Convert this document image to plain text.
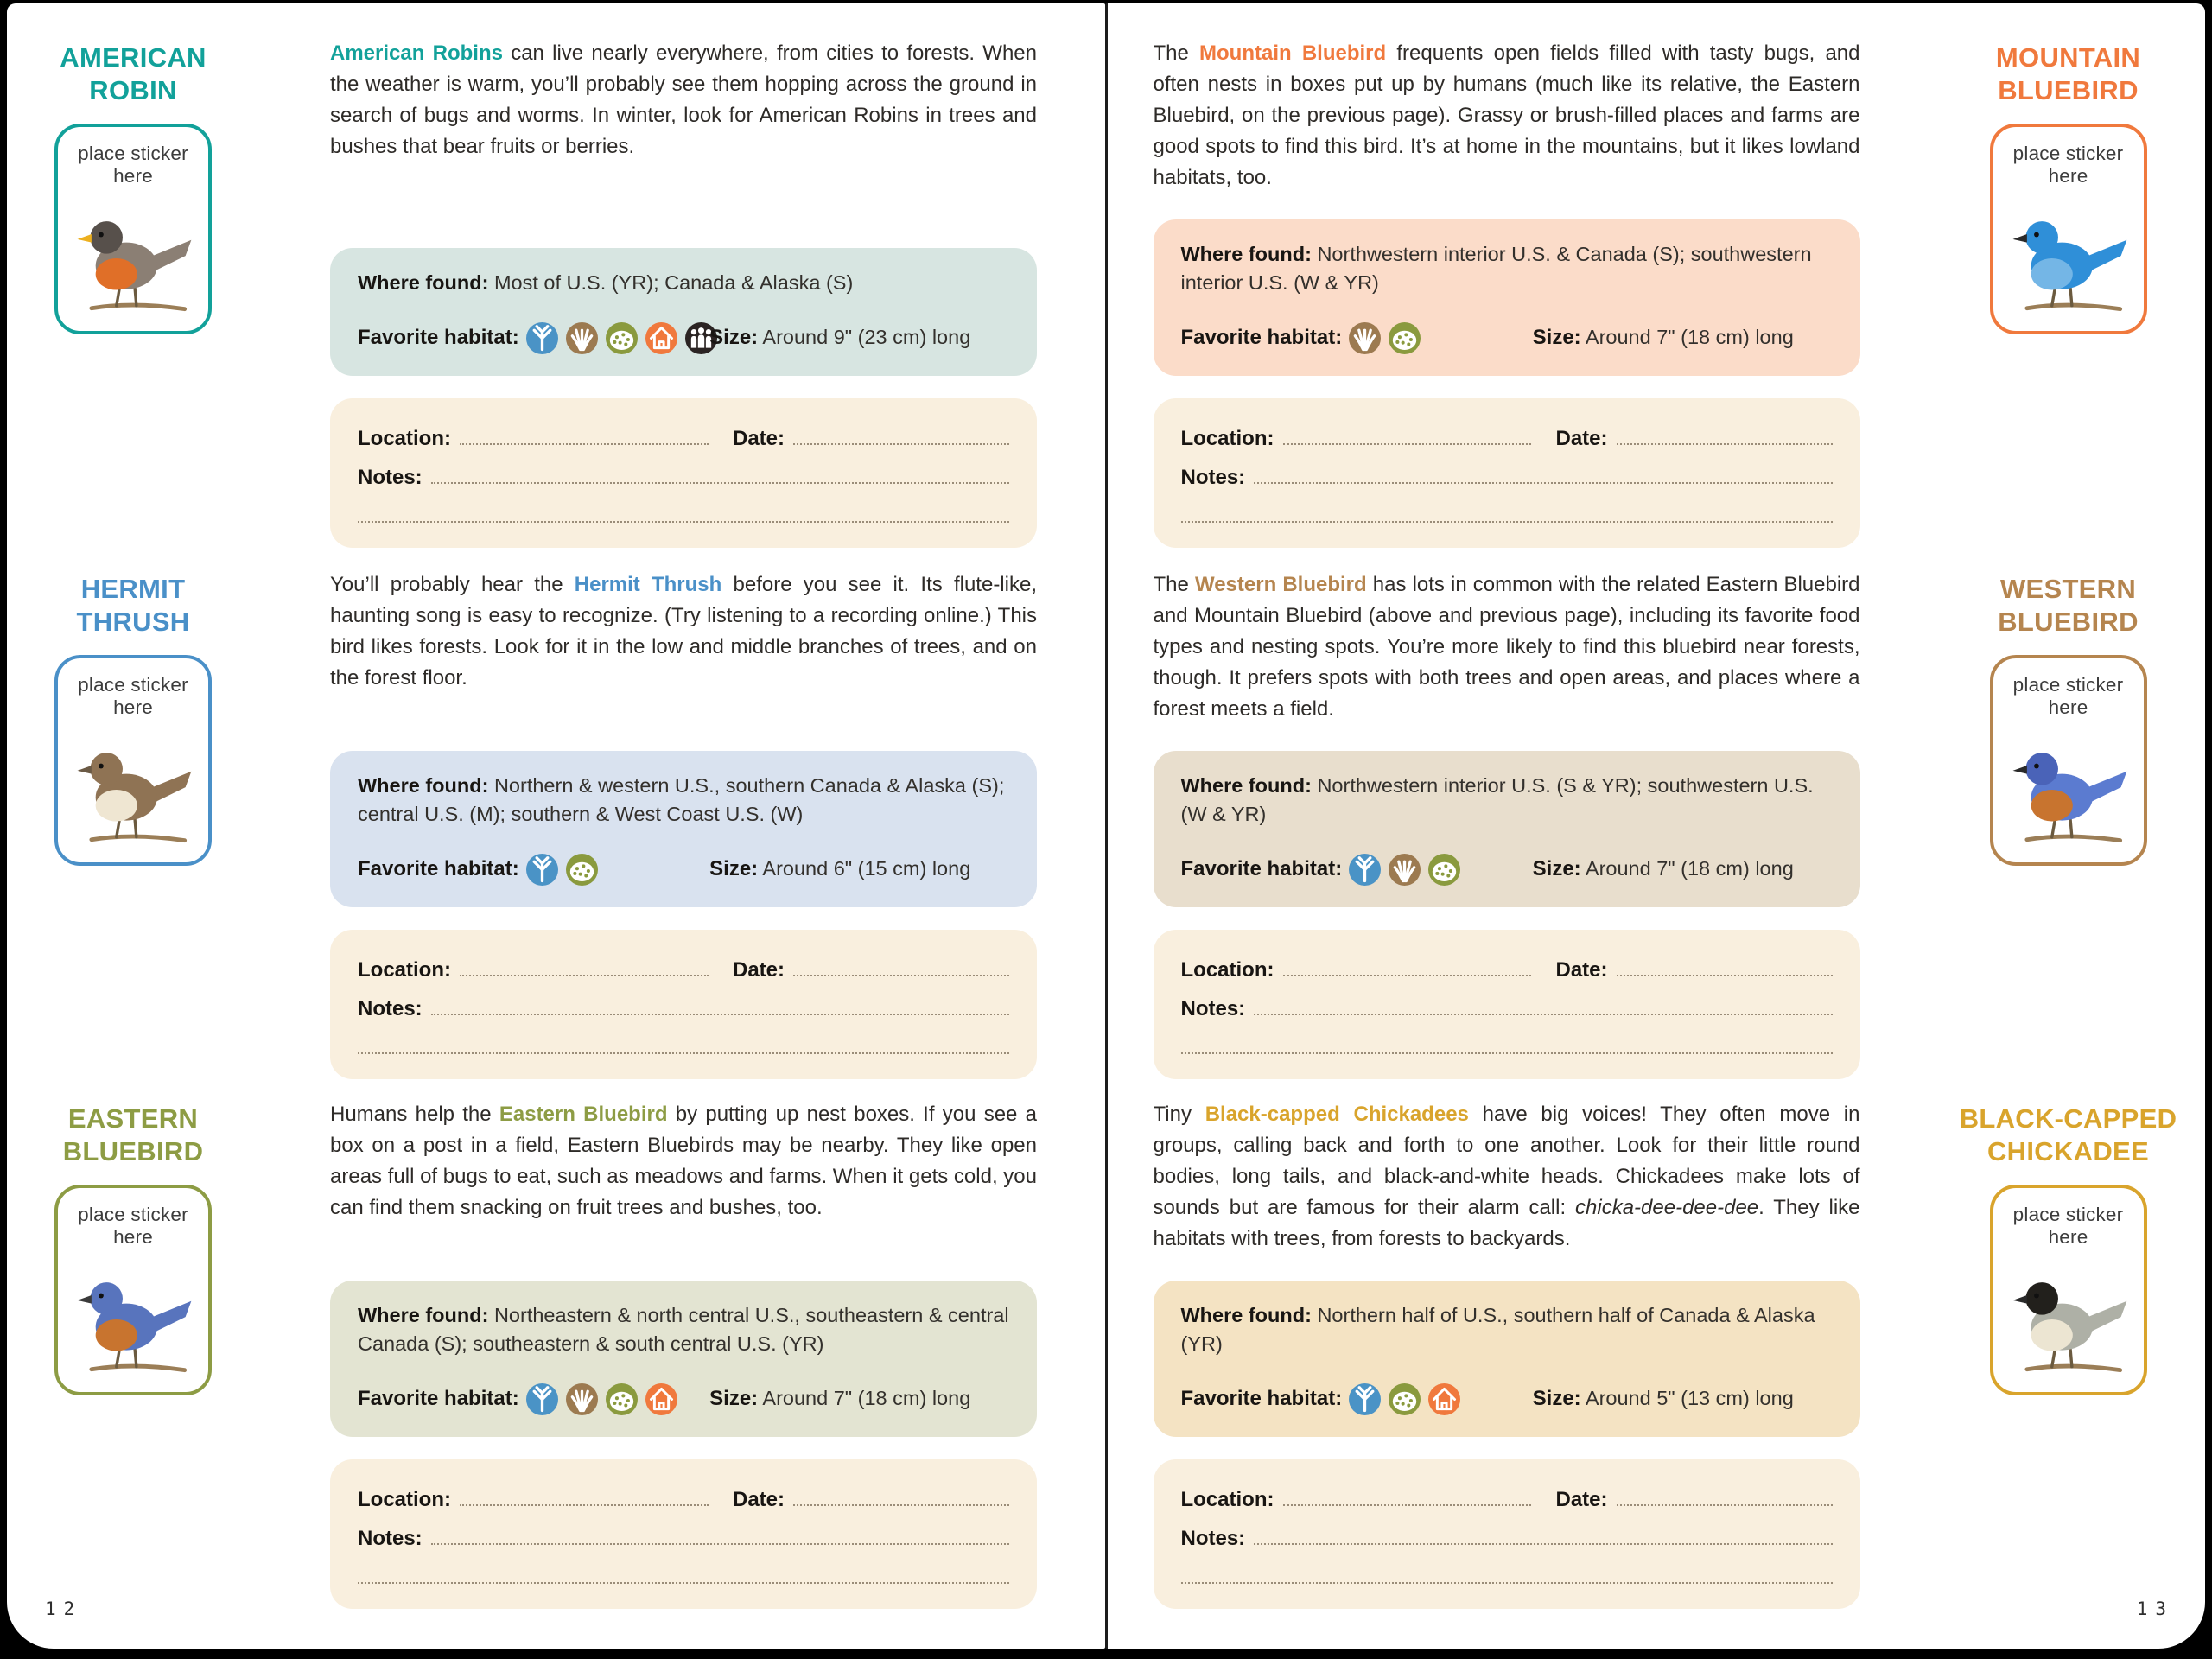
AMERICAN ROBIN
place sticker here

American Robins can live nearly everywhere, from cities to forests. When the weather is warm, you’ll probably see them hopping across the ground in search of bugs and worms. In winter, look for American Robins in trees and bushes that bear fruits or berries.

Where found: Most of U.S. (YR); Canada & Alaska (S)

Favorite habitat:	Size: Around 9" (23 cm) long
Location:	Date:
Notes:
HERMIT THRUSH
place sticker here

You’ll probably hear the Hermit Thrush before you see it. Its flute-like, haunting song is easy to recognize. (Try listening to a recording online.) This bird likes forests. Look for it in the low and middle branches of trees, and on the forest floor.

Where found: Northern & western U.S., southern Canada & Alaska (S); central U.S. (M); southern & West Coast U.S. (W)

Favorite habitat:	Size: Around 6" (15 cm) long
Location:	Date:
Notes:
EASTERN BLUEBIRD
place sticker here

Humans help the Eastern Bluebird by putting up nest boxes. If you see a box on a post in a field, Eastern Bluebirds may be nearby. They like open areas full of bugs to eat, such as meadows and farms. When it gets cold, you can find them snacking on fruit trees and bushes, too.

Where found: Northeastern & north central U.S., southeastern & central Canada (S); southeastern & south central U.S. (YR)

Favorite habitat:	Size: Around 7" (18 cm) long
Location:	Date:
Notes:
12
MOUNTAIN BLUEBIRD
place sticker here

The Mountain Bluebird frequents open fields filled with tasty bugs, and often nests in boxes put up by humans (much like its relative, the Eastern Bluebird, on the previous page). Grassy or brush-filled places and farms are good spots to find this bird. It’s at home in the mountains, but it likes lowland habitats, too.

Where found: Northwestern interior U.S. & Canada (S); southwestern interior U.S. (W & YR)

Favorite habitat:	Size: Around 7" (18 cm) long
Location:	Date:
Notes:
WESTERN BLUEBIRD
place sticker here

The Western Bluebird has lots in common with the related Eastern Bluebird and Mountain Bluebird (above and previous page), including its favorite food types and nesting spots. You’re more likely to find this bluebird near forests, though. It prefers spots with both trees and open areas, and places where a forest meets a field.

Where found: Northwestern interior U.S. (S & YR); southwestern U.S. (W & YR)

Favorite habitat:	Size: Around 7" (18 cm) long
Location:	Date:
Notes:
BLACK-CAPPED CHICKADEE
place sticker here

Tiny Black-capped Chickadees have big voices! They often move in groups, calling back and forth to one another. Look for their little round bodies, long tails, and black-and-white heads. Chickadees make lots of sounds but are famous for their alarm call: chicka-dee-dee-dee. They like habitats with trees, from forests to backyards.

Where found: Northern half of U.S., southern half of Canada & Alaska (YR)

Favorite habitat:	Size: Around 5" (13 cm) long
Location:	Date:
Notes:
13
